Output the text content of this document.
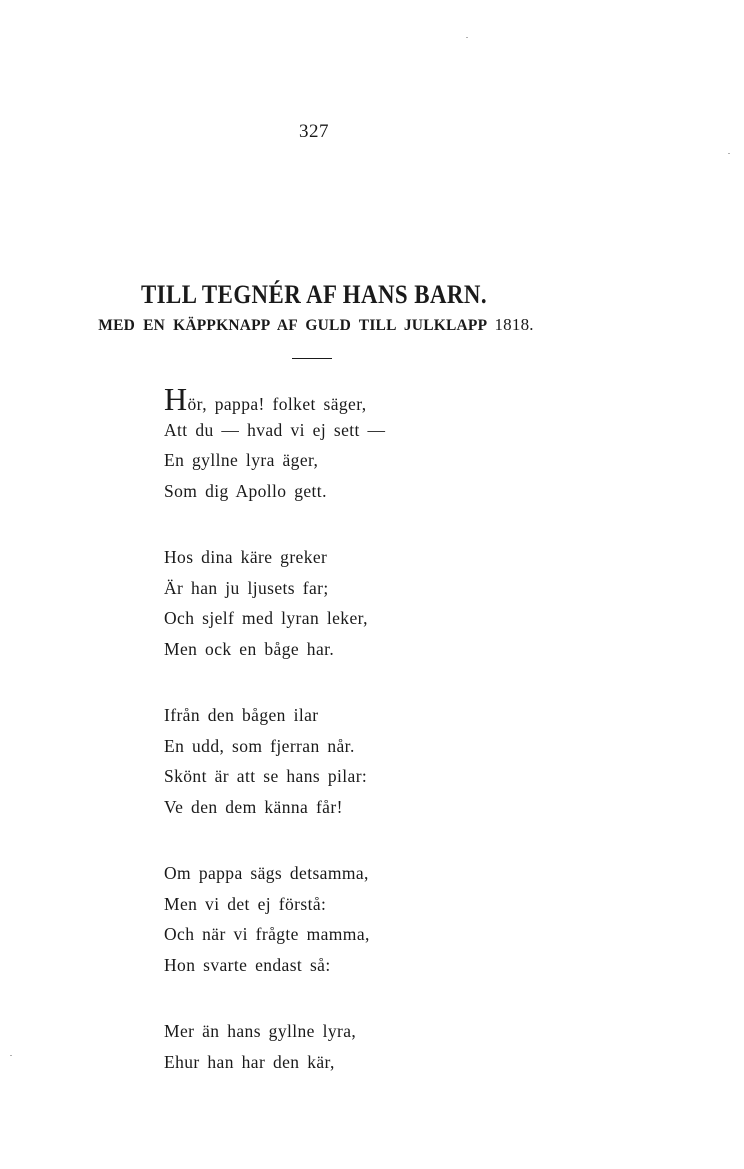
327
TILL TEGNÉR AF HANS BARN.
MED EN KÄPPKNAPP AF GULD TILL JULKLAPP 1818.
Hör, pappa! folket säger,
Att du — hvad vi ej sett —
En gyllne lyra äger,
Som dig Apollo gett.
Hos dina käre greker
Är han ju ljusets far;
Och sjelf med lyran leker,
Men ock en båge har.
Ifrån den bågen ilar
En udd, som fjerran når.
Skönt är att se hans pilar:
Ve den dem känna får!
Om pappa sägs detsamma,
Men vi det ej förstå:
Och när vi frågte mamma,
Hon svarte endast så:
Mer än hans gyllne lyra,
Ehur han har den kär,
